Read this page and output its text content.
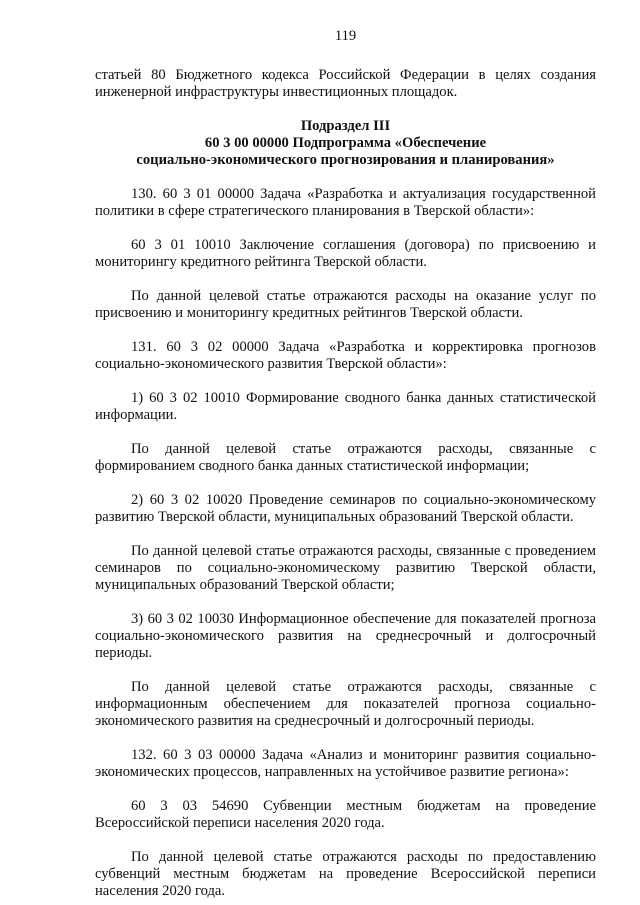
119

статьей 80 Бюджетного кодекса Российской Федерации в целях создания инженерной инфраструктуры инвестиционных площадок.

Подраздел III
60 3 00 00000 Подпрограмма «Обеспечение
социально-экономического прогнозирования и планирования»

130. 60 3 01 00000 Задача «Разработка и актуализация государственной политики в сфере стратегического планирования в Тверской области»:

60 3 01 10010 Заключение соглашения (договора) по присвоению и мониторингу кредитного рейтинга Тверской области.

По данной целевой статье отражаются расходы на оказание услуг по присвоению и мониторингу кредитных рейтингов Тверской области.

131. 60 3 02 00000 Задача «Разработка и корректировка прогнозов социально-экономического развития Тверской области»:

1) 60 3 02 10010 Формирование сводного банка данных статистической информации.

По данной целевой статье отражаются расходы, связанные с формированием сводного банка данных статистической информации;

2) 60 3 02 10020 Проведение семинаров по социально-экономическому развитию Тверской области, муниципальных образований Тверской области.

По данной целевой статье отражаются расходы, связанные с проведением семинаров по социально-экономическому развитию Тверской области, муниципальных образований Тверской области;

3) 60 3 02 10030 Информационное обеспечение для показателей прогноза социально-экономического развития на среднесрочный и долгосрочный периоды.

По данной целевой статье отражаются расходы, связанные с информационным обеспечением для показателей прогноза социально-экономического развития на среднесрочный и долгосрочный периоды.

132. 60 3 03 00000 Задача «Анализ и мониторинг развития социально-экономических процессов, направленных на устойчивое развитие региона»:

60 3 03 54690 Субвенции местным бюджетам на проведение Всероссийской переписи населения 2020 года.

По данной целевой статье отражаются расходы по предоставлению субвенций местным бюджетам на проведение Всероссийской переписи населения 2020 года.
